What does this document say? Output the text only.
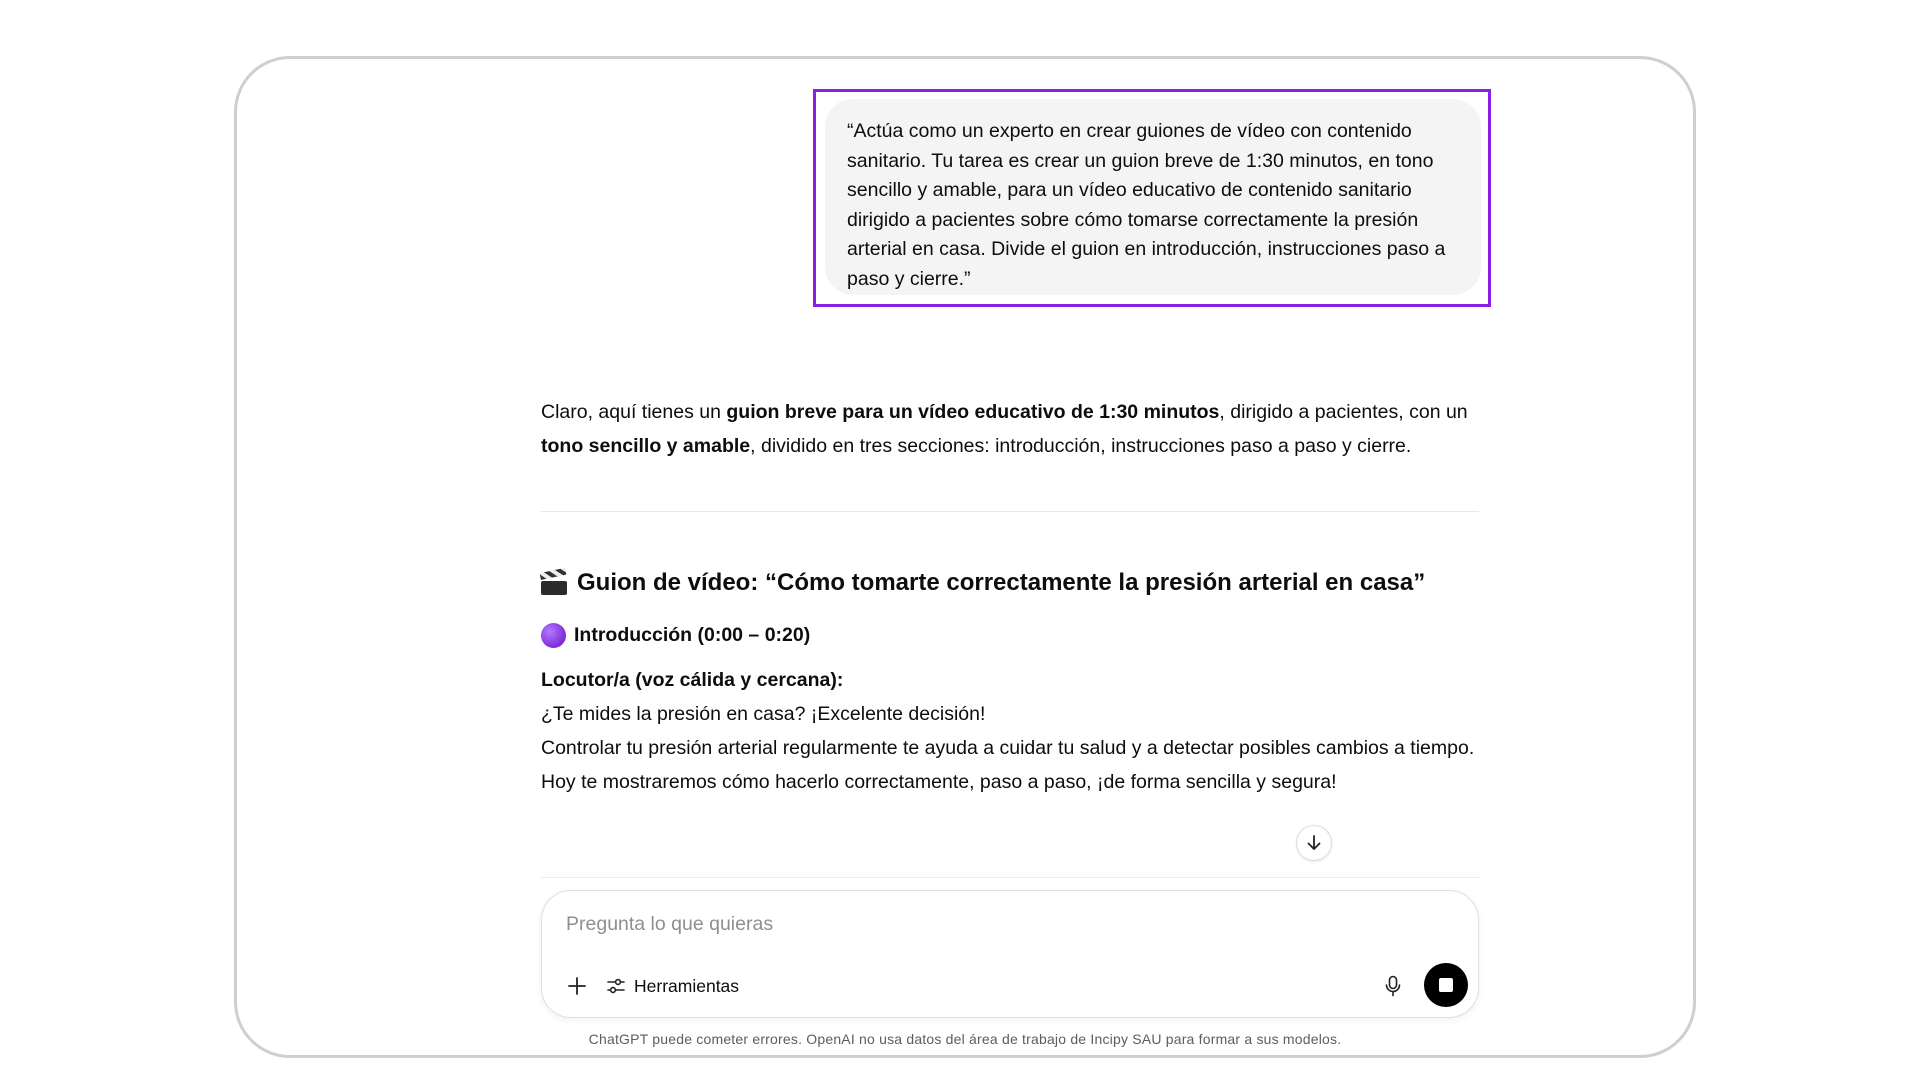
“Actúa como un experto en crear guiones de vídeo con contenido sanitario. Tu tarea es crear un guion breve de 1:30 minutos, en tono sencillo y amable, para un vídeo educativo de contenido sanitario dirigido a pacientes sobre cómo tomarse correctamente la presión arterial en casa. Divide el guion en introducción, instrucciones paso a paso y cierre.”

Claro, aquí tienes un guion breve para un vídeo educativo de 1:30 minutos, dirigido a pacientes, con un tono sencillo y amable, dividido en tres secciones: introducción, instrucciones paso a paso y cierre.

Guion de vídeo: “Cómo tomarte correctamente la presión arterial en casa”
Introducción (0:00 – 0:20)

Locutor/a (voz cálida y cercana):

¿Te mides la presión en casa? ¡Excelente decisión!

Controlar tu presión arterial regularmente te ayuda a cuidar tu salud y a detectar posibles cambios a tiempo.

Hoy te mostraremos cómo hacerlo correctamente, paso a paso, ¡de forma sencilla y segura!

Pregunta lo que quieras
Herramientas

ChatGPT puede cometer errores. OpenAI no usa datos del área de trabajo de Incipy SAU para formar a sus modelos.
